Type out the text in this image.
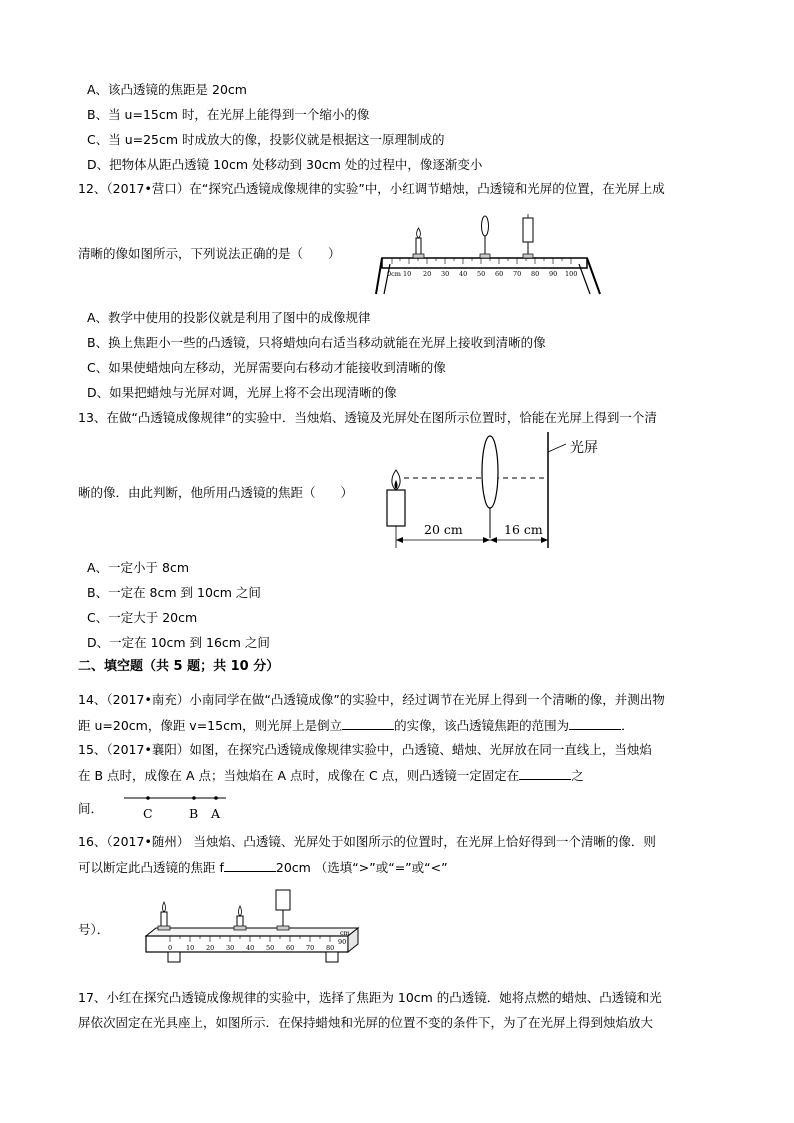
A、该凸透镜的焦距是 20cm
B、当 u=15cm 时，在光屏上能得到一个缩小的像
C、当 u=25cm 时成放大的像，投影仪就是根据这一原理制成的
D、把物体从距凸透镜 10cm 处移动到 30cm 处的过程中，像逐渐变小
12、（2017•营口）在“探究凸透镜成像规律的实验”中，小红调节蜡烛，凸透镜和光屏的位置，在光屏上成
清晰的像如图所示，下列说法正确的是（　　）
0cm 10 20 30 40 50 60 70 80 90 100
A、教学中使用的投影仪就是利用了图中的成像规律
B、换上焦距小一些的凸透镜，只将蜡烛向右适当移动就能在光屏上接收到清晰的像
C、如果使蜡烛向左移动，光屏需要向右移动才能接收到清晰的像
D、如果把蜡烛与光屏对调，光屏上将不会出现清晰的像
13、在做“凸透镜成像规律”的实验中．当烛焰、透镜及光屏处在图所示位置时，恰能在光屏上得到一个清
晰的像．由此判断，他所用凸透镜的焦距（　　）
光屏
20 cm	16 cm
A、一定小于 8cm
B、一定在 8cm 到 10cm 之间
C、一定大于 20cm
D、一定在 10cm 到 16cm 之间
二、填空题（共 5 题；共 10 分）
14、（2017•南充）小南同学在做“凸透镜成像”的实验中，经过调节在光屏上得到一个清晰的像，并测出物
距 u=20cm，像距 v=15cm，则光屏上是倒立	的实像，该凸透镜焦距的范围为	．
15、（2017•襄阳）如图，在探究凸透镜成像规律实验中，凸透镜、蜡烛、光屏放在同一直线上，当烛焰
在 B 点时，成像在 A 点；当烛焰在 A 点时，成像在 C 点，则凸透镜一定固定在	之
间．	C	B A
16、（2017•随州） 当烛焰、凸透镜、光屏处于如图所示的位置时，在光屏上恰好得到一个清晰的像．则
可以断定此凸透镜的焦距 f	20cm （选填“>”或“=”或“<”
号）．
0 10 20 30 40 50 60 70 80
90
cm
17、小红在探究凸透镜成像规律的实验中，选择了焦距为 10cm 的凸透镜．她将点燃的蜡烛、凸透镜和光
屏依次固定在光具座上，如图所示．在保持蜡烛和光屏的位置不变的条件下，为了在光屏上得到烛焰放大
